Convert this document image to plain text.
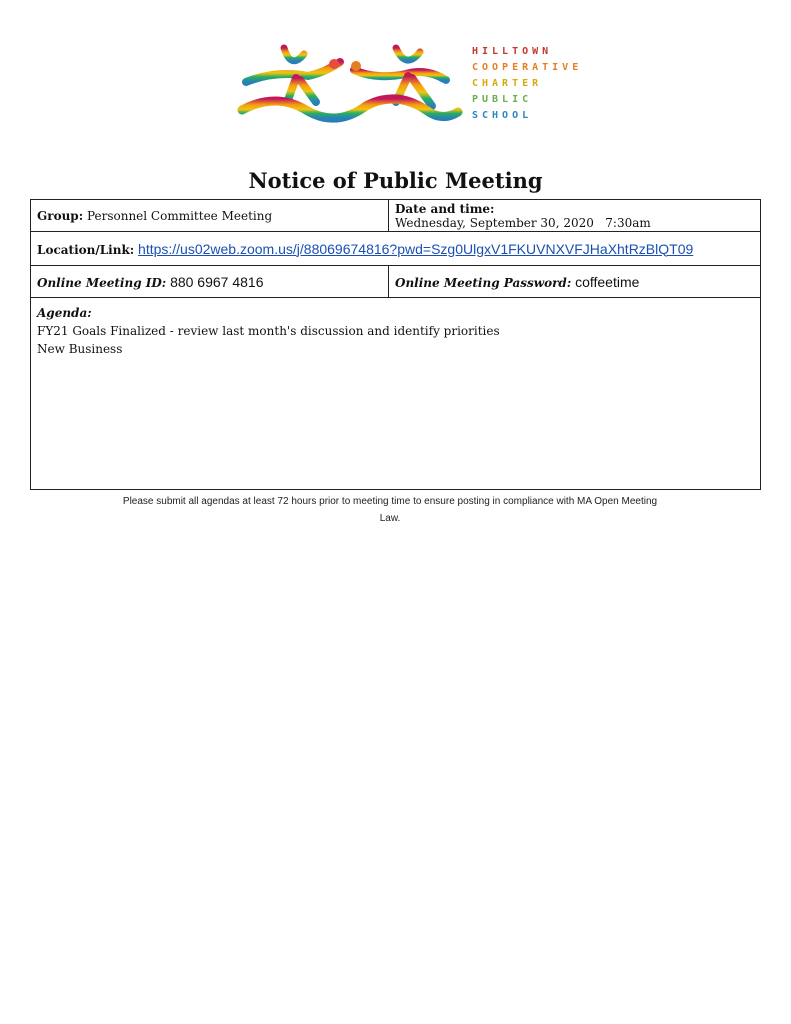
HILLTOWN
COOPERATIVE
CHARTER
PUBLIC
SCHOOL
Notice of Public Meeting
Group: Personnel Committee Meeting	Date and time: Wednesday, September 30, 2020   7:30am
Location/Link: https://us02web.zoom.us/j/88069674816?pwd=Szg0UlgxV1FKUVNXVFJHaXhtRzBlQT09	
Online Meeting ID: 880 6967 4816	Online Meeting Password: coffeetime

Agenda:
FY21 Goals Finalized - review last month's discussion and identify priorities
New Business	
Please submit all agendas at least 72 hours prior to meeting time to ensure posting in compliance with MA Open Meeting
Law.
